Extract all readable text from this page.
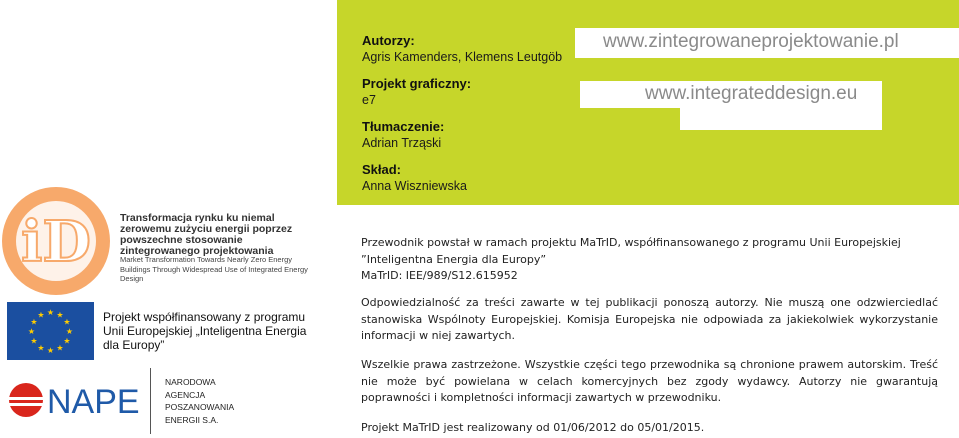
Autorzy:
Agris Kamenders, Klemens Leutgöb
Projekt graficzny:
e7
Tłumaczenie:
Adrian Trząski
Skład:
Anna Wiszniewska
www.zintegrowaneprojektowanie.pl
www.integrateddesign.eu
iD	Transformacja rynku ku niemal zerowemu zużyciu energii poprzez powszechne stosowanie zintegrowanego projektowania
Market Transformation Towards Nearly Zero Energy Buildings Through Widespread Use of Integrated Energy Design
★ ★
★
★
★
★
★
★
★
★
★
★	Projekt współfinansowany z programu Unii Europejskiej „Inteligentna Energia dla Europy”
NAPE
NARODOWA
AGENCJA
POSZANOWANIA
ENERGII S.A.
Przewodnik powstał w ramach projektu MaTrID, współfinansowanego z programu Unii Europejskiej
”Inteligentna Energia dla Europy”
MaTrID: IEE/989/S12.615952
Odpowiedzialność za treści zawarte w tej publikacji ponoszą autorzy. Nie muszą one odzwierciedlać stanowiska Wspólnoty Europejskiej. Komisja Europejska nie odpowiada za jakiekolwiek wykorzystanie informacji w niej zawartych.
Wszelkie prawa zastrzeżone. Wszystkie części tego przewodnika są chronione prawem autorskim. Treść nie może być powielana w celach komercyjnych bez zgody wydawcy. Autorzy nie gwarantują poprawności i kompletności informacji zawartych w przewodniku.
Projekt MaTrID jest realizowany od 01/06/2012 do 05/01/2015.
